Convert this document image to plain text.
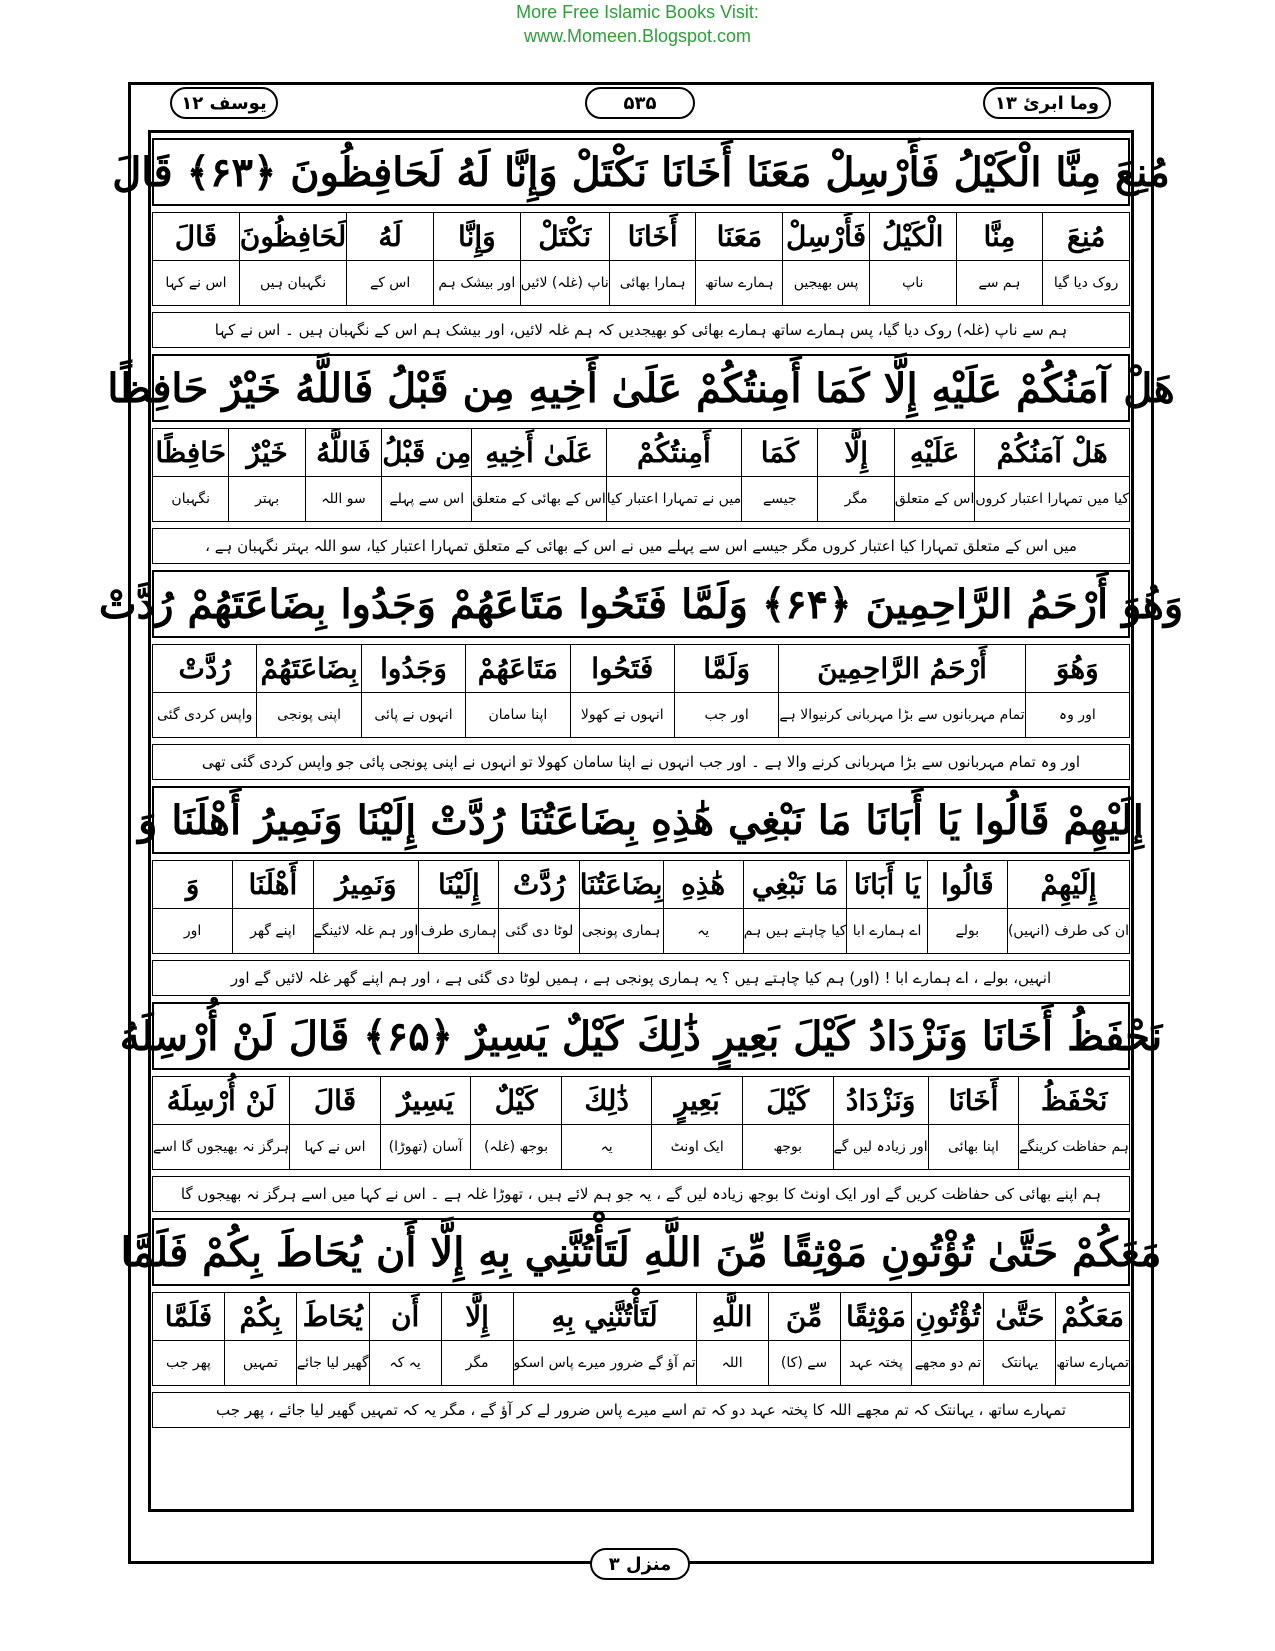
More Free Islamic Books Visit:
www.Momeen.Blogspot.com
یوسف ۱۲	۵۳۵	وما ابرئ ۱۳
مُنِعَ مِنَّا الْكَيْلُ فَأَرْسِلْ مَعَنَا أَخَانَا نَكْتَلْ وَإِنَّا لَهُ لَحَافِظُونَ ﴿۶۳﴾ قَالَ
مُنِعَ
روک دیا گیا
مِنَّا
ہم سے
الْكَيْلُ
ناپ
فَأَرْسِلْ
پس بھیجیں
مَعَنَا
ہمارے ساتھ
أَخَانَا
ہمارا بھائی
نَكْتَلْ
ناپ (غلہ) لائیں
وَإِنَّا
اور بیشک ہم
لَهُ
اس کے
لَحَافِظُونَ
نگہبان ہیں
قَالَ
اس نے کہا
ہم سے ناپ (غلہ) روک دیا گیا، پس ہمارے ساتھ ہمارے بھائی کو بھیجدیں کہ ہم غلہ لائیں، اور بیشک ہم اس کے نگہبان ہیں ۔ اس نے کہا
هَلْ آمَنُكُمْ عَلَيْهِ إِلَّا كَمَا أَمِنتُكُمْ عَلَىٰ أَخِيهِ مِن قَبْلُ فَاللَّهُ خَيْرٌ حَافِظًا
هَلْ آمَنُكُمْ
کیا میں تمہارا اعتبار کروں
عَلَيْهِ
اس کے متعلق
إِلَّا
مگر
كَمَا
جیسے
أَمِنتُكُمْ
میں نے تمہارا اعتبار کیا
عَلَىٰ أَخِيهِ
اس کے بھائی کے متعلق
مِن قَبْلُ
اس سے پہلے
فَاللَّهُ
سو اللہ
خَيْرٌ
بہتر
حَافِظًا
نگہبان
میں اس کے متعلق تمہارا کیا اعتبار کروں مگر جیسے اس سے پہلے میں نے اس کے بھائی کے متعلق تمہارا اعتبار کیا، سو اللہ بہتر نگہبان ہے ،
وَهُوَ أَرْحَمُ الرَّاحِمِينَ ﴿۶۴﴾ وَلَمَّا فَتَحُوا مَتَاعَهُمْ وَجَدُوا بِضَاعَتَهُمْ رُدَّتْ
وَهُوَ
اور وہ
أَرْحَمُ الرَّاحِمِينَ
تمام مہربانوں سے بڑا مہربانی کرنیوالا ہے
وَلَمَّا
اور جب
فَتَحُوا
انہوں نے کھولا
مَتَاعَهُمْ
اپنا سامان
وَجَدُوا
انہوں نے پائی
بِضَاعَتَهُمْ
اپنی پونجی
رُدَّتْ
واپس کردی گئی
اور وہ تمام مہربانوں سے بڑا مہربانی کرنے والا ہے ۔ اور جب انہوں نے اپنا سامان کھولا تو انہوں نے اپنی پونجی پائی جو واپس کردی گئی تھی
إِلَيْهِمْ قَالُوا يَا أَبَانَا مَا نَبْغِي هَٰذِهِ بِضَاعَتُنَا رُدَّتْ إِلَيْنَا وَنَمِيرُ أَهْلَنَا وَ
إِلَيْهِمْ
ان کی طرف (انہیں)
قَالُوا
بولے
يَا أَبَانَا
اے ہمارے ابا
مَا نَبْغِي
کیا چاہتے ہیں ہم
هَٰذِهِ
یہ
بِضَاعَتُنَا
ہماری پونجی
رُدَّتْ
لوٹا دی گئی
إِلَيْنَا
ہماری طرف
وَنَمِيرُ
اور ہم غلہ لائینگے
أَهْلَنَا
اپنے گھر
وَ
اور
انہیں، بولے ، اے ہمارے ابا ! (اور) ہم کیا چاہتے ہیں ؟ یہ ہماری پونجی ہے ، ہمیں لوٹا دی گئی ہے ، اور ہم اپنے گھر غلہ لائیں گے اور
نَحْفَظُ أَخَانَا وَنَزْدَادُ كَيْلَ بَعِيرٍ ذَٰلِكَ كَيْلٌ يَسِيرٌ ﴿۶۵﴾ قَالَ لَنْ أُرْسِلَهُ
نَحْفَظُ
ہم حفاظت کرینگے
أَخَانَا
اپنا بھائی
وَنَزْدَادُ
اور زیادہ لیں گے
كَيْلَ
بوجھ
بَعِيرٍ
ایک اونٹ
ذَٰلِكَ
یہ
كَيْلٌ
بوجھ (غلہ)
يَسِيرٌ
آسان (تھوڑا)
قَالَ
اس نے کہا
لَنْ أُرْسِلَهُ
ہرگز نہ بھیجوں گا اسے
ہم اپنے بھائی کی حفاظت کریں گے اور ایک اونٹ کا بوجھ زیادہ لیں گے ، یہ جو ہم لائے ہیں ، تھوڑا غلہ ہے ۔ اس نے کہا میں اسے ہرگز نہ بھیجوں گا
مَعَكُمْ حَتَّىٰ تُؤْتُونِ مَوْثِقًا مِّنَ اللَّهِ لَتَأْتُنَّنِي بِهِ إِلَّا أَن يُحَاطَ بِكُمْ فَلَمَّا
مَعَكُمْ
تمہارے ساتھ
حَتَّىٰ
یہانتک
تُؤْتُونِ
تم دو مجھے
مَوْثِقًا
پختہ عہد
مِّنَ
سے (کا)
اللَّهِ
اللہ
لَتَأْتُنَّنِي بِهِ
تم آؤ گے ضرور میرے پاس اسکو
إِلَّا
مگر
أَن
یہ کہ
يُحَاطَ
گھیر لیا جائے
بِكُمْ
تمہیں
فَلَمَّا
پھر جب
تمہارے ساتھ ، یہانتک کہ تم مجھے اللہ کا پختہ عہد دو کہ تم اسے میرے پاس ضرور لے کر آؤ گے ، مگر یہ کہ تمہیں گھیر لیا جائے ، پھر جب
منزل ۳
